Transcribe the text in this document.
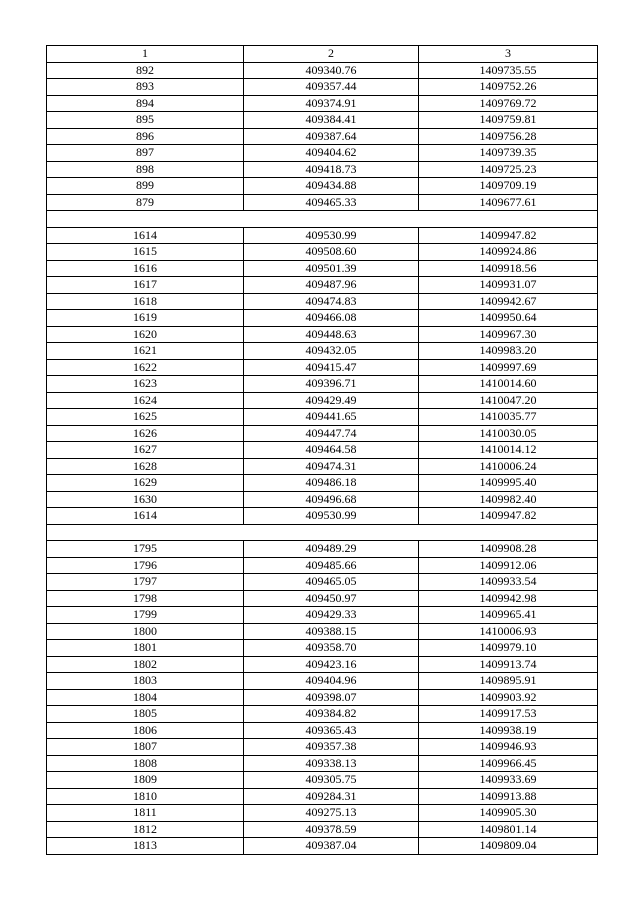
1	2	3
892	409340.76	1409735.55
893	409357.44	1409752.26
894	409374.91	1409769.72
895	409384.41	1409759.81
896	409387.64	1409756.28
897	409404.62	1409739.35
898	409418.73	1409725.23
899	409434.88	1409709.19
879	409465.33	1409677.61

1614	409530.99	1409947.82
1615	409508.60	1409924.86
1616	409501.39	1409918.56
1617	409487.96	1409931.07
1618	409474.83	1409942.67
1619	409466.08	1409950.64
1620	409448.63	1409967.30
1621	409432.05	1409983.20
1622	409415.47	1409997.69
1623	409396.71	1410014.60
1624	409429.49	1410047.20
1625	409441.65	1410035.77
1626	409447.74	1410030.05
1627	409464.58	1410014.12
1628	409474.31	1410006.24
1629	409486.18	1409995.40
1630	409496.68	1409982.40
1614	409530.99	1409947.82

1795	409489.29	1409908.28
1796	409485.66	1409912.06
1797	409465.05	1409933.54
1798	409450.97	1409942.98
1799	409429.33	1409965.41
1800	409388.15	1410006.93
1801	409358.70	1409979.10
1802	409423.16	1409913.74
1803	409404.96	1409895.91
1804	409398.07	1409903.92
1805	409384.82	1409917.53
1806	409365.43	1409938.19
1807	409357.38	1409946.93
1808	409338.13	1409966.45
1809	409305.75	1409933.69
1810	409284.31	1409913.88
1811	409275.13	1409905.30
1812	409378.59	1409801.14
1813	409387.04	1409809.04
